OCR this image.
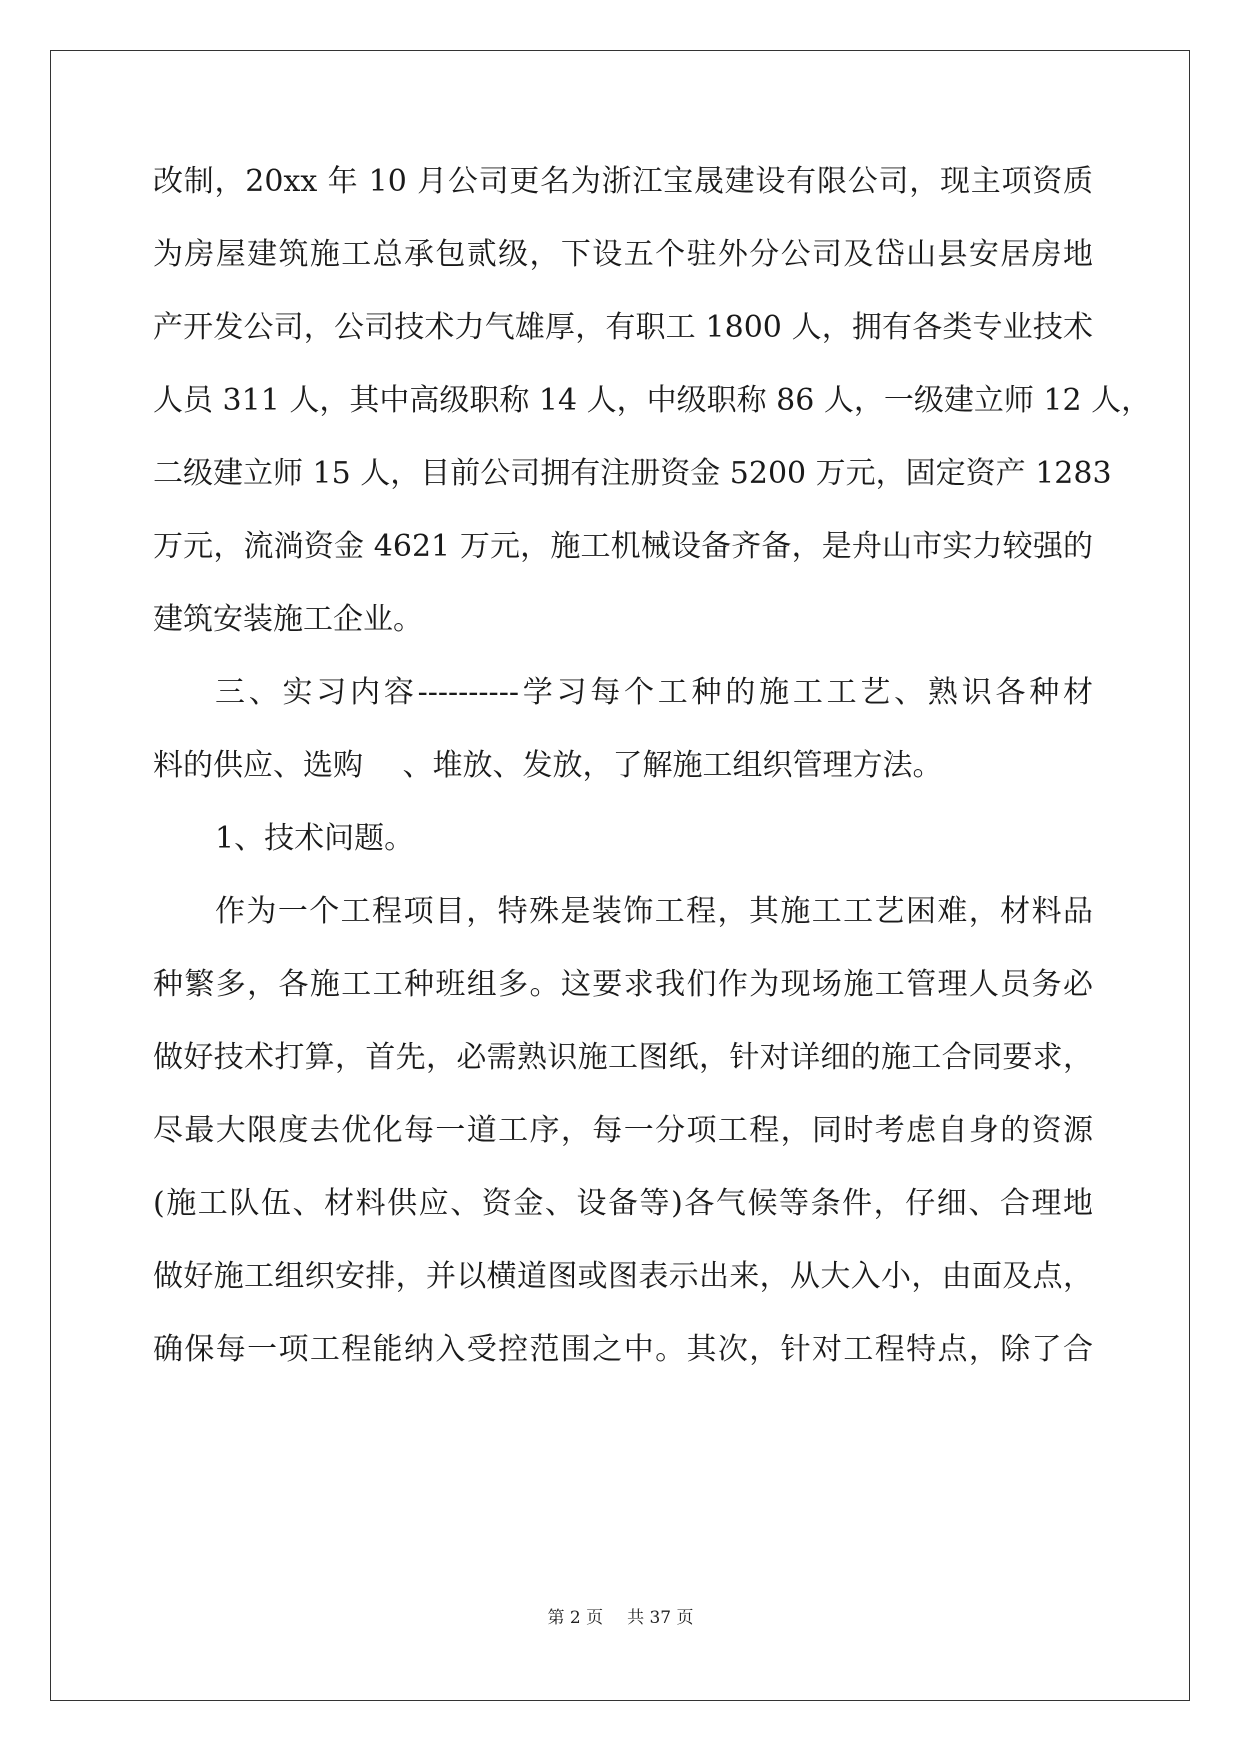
改制，20xx 年 10 月公司更名为浙江宝晟建设有限公司，现主项资质
为房屋建筑施工总承包贰级，下设五个驻外分公司及岱山县安居房地
产开发公司，公司技术力气雄厚，有职工 1800 人，拥有各类专业技术
人员 311 人，其中高级职称 14 人，中级职称 86 人，一级建立师 12 人，
二级建立师 15 人，目前公司拥有注册资金 5200 万元，固定资产 1283
万元，流淌资金 4621 万元，施工机械设备齐备，是舟山市实力较强的
建筑安装施工企业。
三、实习内容----------学习每个工种的施工工艺、熟识各种材
料的供应、选购　 、堆放、发放，了解施工组织管理方法。
1、技术问题。
作为一个工程项目，特殊是装饰工程，其施工工艺困难，材料品
种繁多，各施工工种班组多。这要求我们作为现场施工管理人员务必
做好技术打算，首先，必需熟识施工图纸，针对详细的施工合同要求，
尽最大限度去优化每一道工序，每一分项工程，同时考虑自身的资源
(施工队伍、材料供应、资金、设备等)各气候等条件，仔细、合理地
做好施工组织安排，并以横道图或图表示出来，从大入小，由面及点，
确保每一项工程能纳入受控范围之中。其次，针对工程特点，除了合
第 2 页 共 37 页
